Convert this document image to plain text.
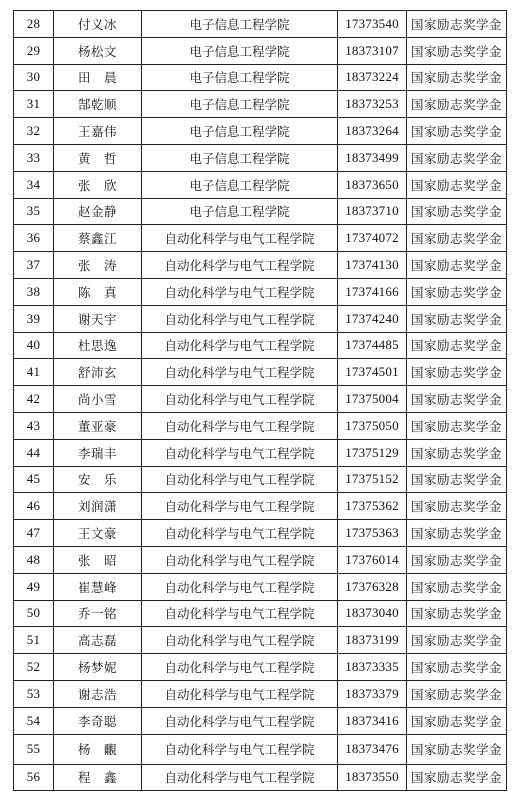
28	付义冰	电子信息工程学院	17373540	国家励志奖学金
29	杨松文	电子信息工程学院	18373107	国家励志奖学金
30	田　晨	电子信息工程学院	18373224	国家励志奖学金
31	郜乾顺	电子信息工程学院	18373253	国家励志奖学金
32	王嘉伟	电子信息工程学院	18373264	国家励志奖学金
33	黄　哲	电子信息工程学院	18373499	国家励志奖学金
34	张　欣	电子信息工程学院	18373650	国家励志奖学金
35	赵金静	电子信息工程学院	18373710	国家励志奖学金
36	蔡鑫江	自动化科学与电气工程学院	17374072	国家励志奖学金
37	张　涛	自动化科学与电气工程学院	17374130	国家励志奖学金
38	陈　真	自动化科学与电气工程学院	17374166	国家励志奖学金
39	谢天宇	自动化科学与电气工程学院	17374240	国家励志奖学金
40	杜思逸	自动化科学与电气工程学院	17374485	国家励志奖学金
41	舒沛玄	自动化科学与电气工程学院	17374501	国家励志奖学金
42	尚小雪	自动化科学与电气工程学院	17375004	国家励志奖学金
43	董亚豪	自动化科学与电气工程学院	17375050	国家励志奖学金
44	李瑞丰	自动化科学与电气工程学院	17375129	国家励志奖学金
45	安　乐	自动化科学与电气工程学院	17375152	国家励志奖学金
46	刘润潇	自动化科学与电气工程学院	17375362	国家励志奖学金
47	王文豪	自动化科学与电气工程学院	17375363	国家励志奖学金
48	张　昭	自动化科学与电气工程学院	17376014	国家励志奖学金
49	崔慧峰	自动化科学与电气工程学院	17376328	国家励志奖学金
50	乔一铭	自动化科学与电气工程学院	18373040	国家励志奖学金
51	高志磊	自动化科学与电气工程学院	18373199	国家励志奖学金
52	杨梦妮	自动化科学与电气工程学院	18373335	国家励志奖学金
53	谢志浩	自动化科学与电气工程学院	18373379	国家励志奖学金
54	李奇聪	自动化科学与电气工程学院	18373416	国家励志奖学金
55	杨　覼	自动化科学与电气工程学院	18373476	国家励志奖学金
56	程　鑫	自动化科学与电气工程学院	18373550	国家励志奖学金
